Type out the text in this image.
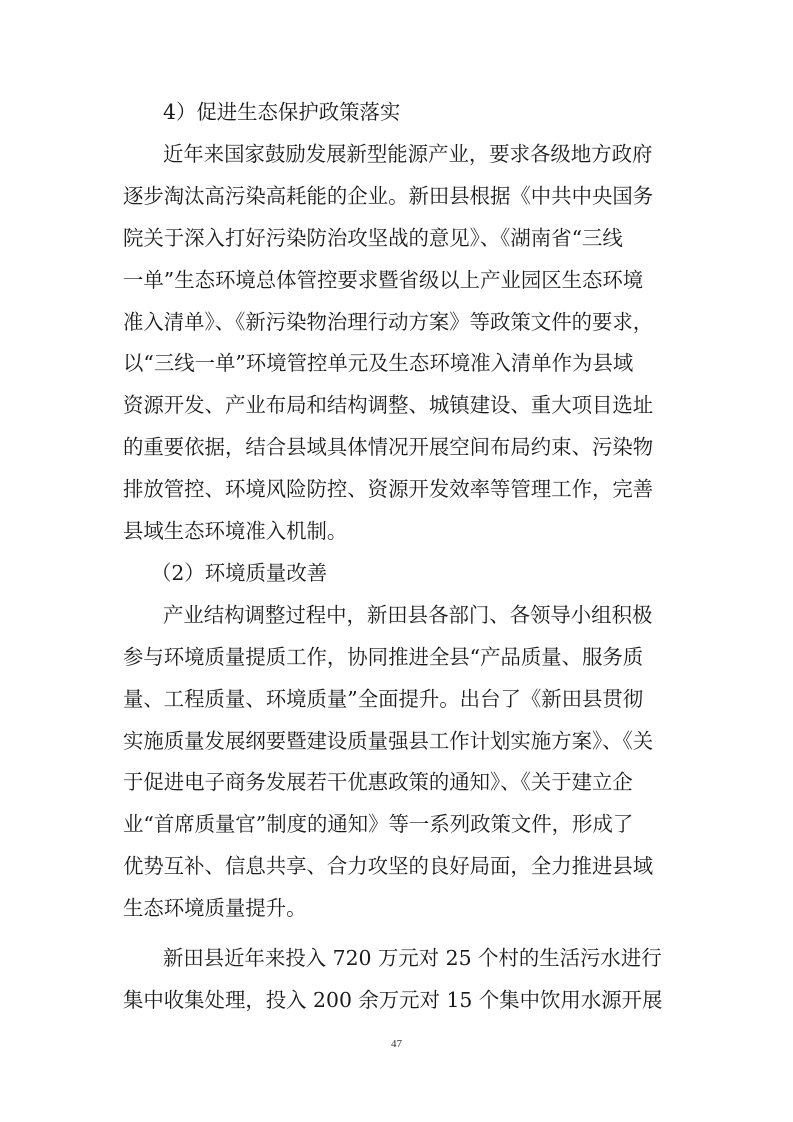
4）促进生态保护政策落实
近年来国家鼓励发展新型能源产业，要求各级地方政府
逐步淘汰高污染高耗能的企业。新田县根据《中共中央国务
院关于深入打好污染防治攻坚战的意见》、《湖南省“三线
一单”生态环境总体管控要求暨省级以上产业园区生态环境
准入清单》、《新污染物治理行动方案》等政策文件的要求，
以“三线一单”环境管控单元及生态环境准入清单作为县域
资源开发、产业布局和结构调整、城镇建设、重大项目选址
的重要依据，结合县域具体情况开展空间布局约束、污染物
排放管控、环境风险防控、资源开发效率等管理工作，完善
县域生态环境准入机制。
（2）环境质量改善
产业结构调整过程中，新田县各部门、各领导小组积极
参与环境质量提质工作，协同推进全县“产品质量、服务质
量、工程质量、环境质量”全面提升。出台了《新田县贯彻
实施质量发展纲要暨建设质量强县工作计划实施方案》、《关
于促进电子商务发展若干优惠政策的通知》、《关于建立企
业“首席质量官”制度的通知》等一系列政策文件，形成了
优势互补、信息共享、合力攻坚的良好局面，全力推进县域
生态环境质量提升。
新田县近年来投入 720 万元对 25 个村的生活污水进行
集中收集处理，投入 200 余万元对 15 个集中饮用水源开展
47
